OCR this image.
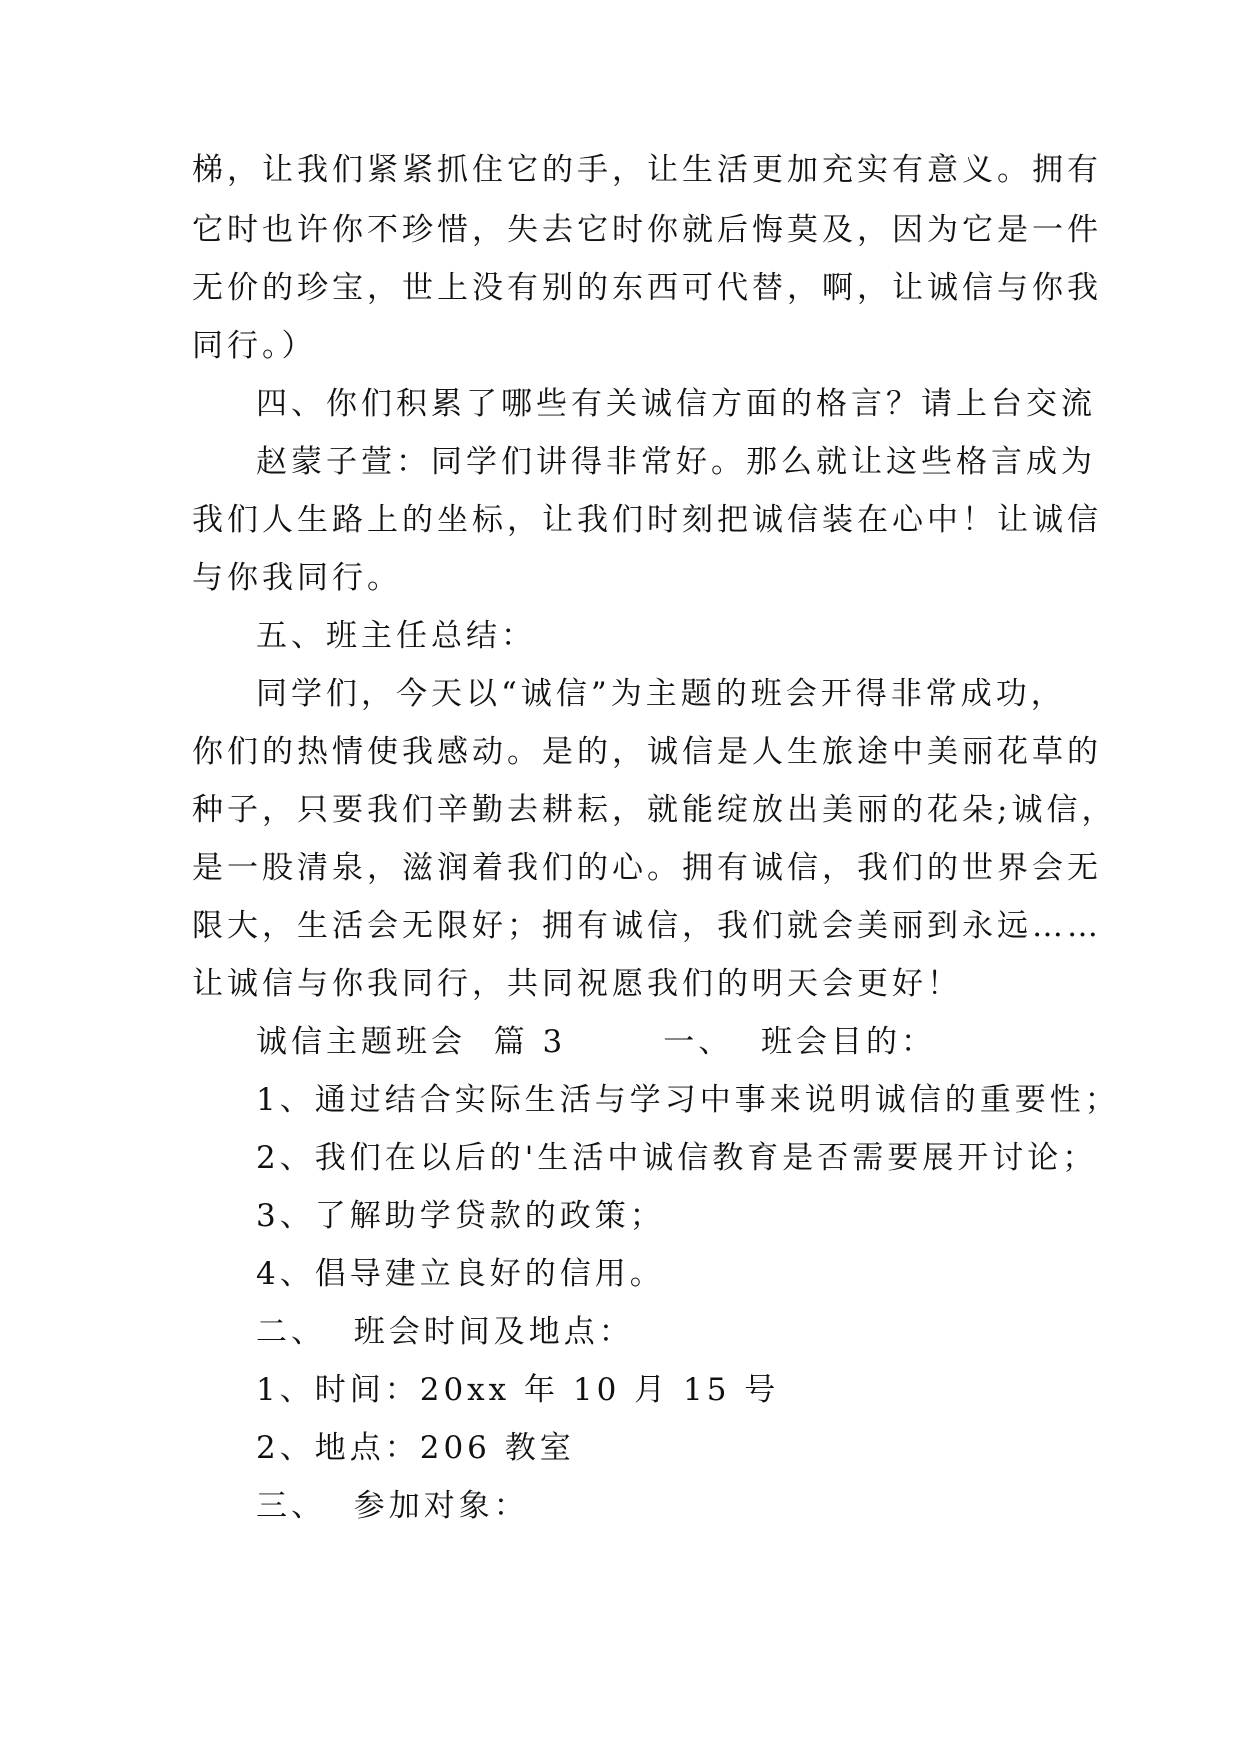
梯，让我们紧紧抓住它的手，让生活更加充实有意义。拥有
它时也许你不珍惜，失去它时你就后悔莫及，因为它是一件
无价的珍宝，世上没有别的东西可代替，啊，让诚信与你我
同行。）
四、你们积累了哪些有关诚信方面的格言？请上台交流
赵蒙子萱：同学们讲得非常好。那么就让这些格言成为
我们人生路上的坐标，让我们时刻把诚信装在心中！让诚信
与你我同行。
五、班主任总结：
同学们，今天以“诚信”为主题的班会开得非常成功，
你们的热情使我感动。是的，诚信是人生旅途中美丽花草的
种子，只要我们辛勤去耕耘，就能绽放出美丽的花朵;诚信，
是一股清泉，滋润着我们的心。拥有诚信，我们的世界会无
限大，生活会无限好；拥有诚信，我们就会美丽到永远……
让诚信与你我同行，共同祝愿我们的明天会更好！
诚信主题班会  篇 3       一、  班会目的：
1、通过结合实际生活与学习中事来说明诚信的重要性；
2、我们在以后的'生活中诚信教育是否需要展开讨论；
3、了解助学贷款的政策；
4、倡导建立良好的信用。
二、  班会时间及地点：
1、时间：20xx 年 10 月 15 号
2、地点：206 教室
三、  参加对象：
